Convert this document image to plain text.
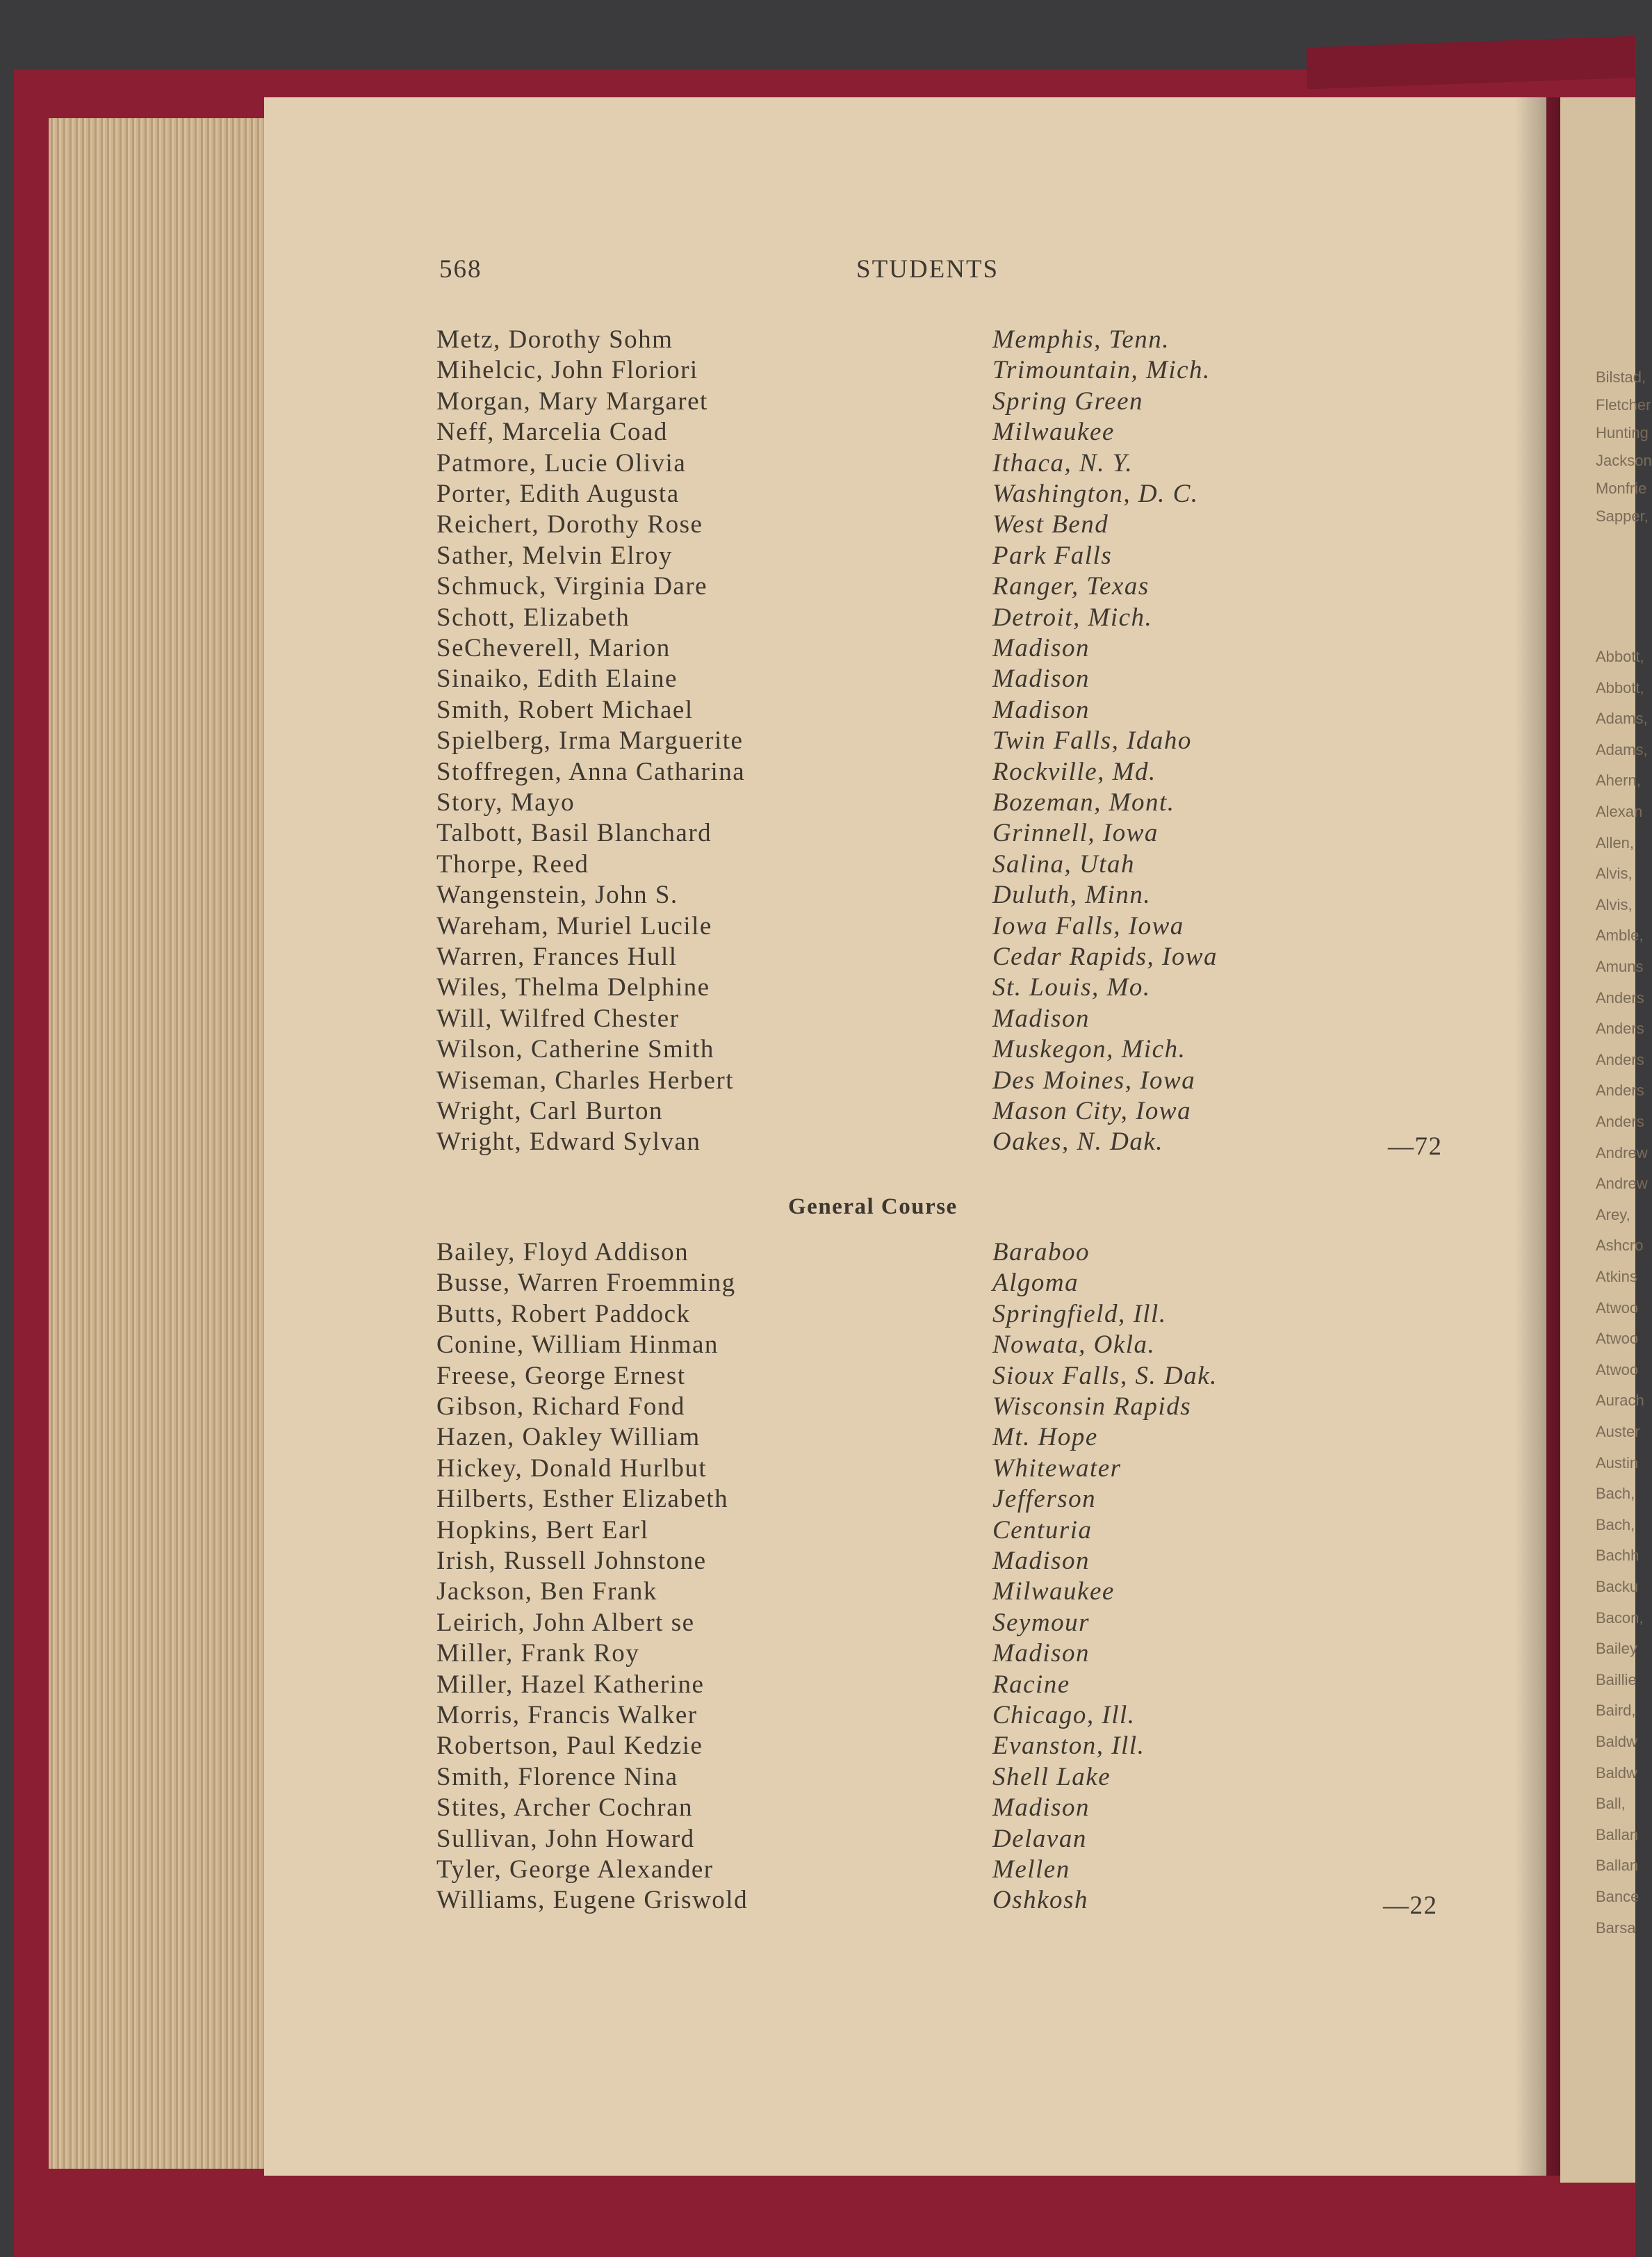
Bilstad,
Fletcher
Hunting
Jackson
Monfrie
Sapper,
Abbott,
Abbott,
Adams,
Adams,
Ahern,
Alexan
Allen,
Alvis,
Alvis,
Amble,
Amuns
Anders
Anders
Anders
Anders
Anders
Andrew
Andrew
Arey,
Ashcro
Atkins
Atwoo
Atwoo
Atwoo
Aurach
Auster
Austin
Bach,
Bach,
Bachh
Backu
Bacon,
Bailey
Baillie
Baird,
Baldw
Baldw
Ball,
Ballan
Ballan
Bance
Barsa
568	STUDENTS
Metz, Dorothy Sohm	Memphis, Tenn.
Mihelcic, John Floriori	Trimountain, Mich.
Morgan, Mary Margaret	Spring Green
Neff, Marcelia Coad	Milwaukee
Patmore, Lucie Olivia	Ithaca, N. Y.
Porter, Edith Augusta	Washington, D. C.
Reichert, Dorothy Rose	West Bend
Sather, Melvin Elroy	Park Falls
Schmuck, Virginia Dare	Ranger, Texas
Schott, Elizabeth	Detroit, Mich.
SeCheverell, Marion	Madison
Sinaiko, Edith Elaine	Madison
Smith, Robert Michael	Madison
Spielberg, Irma Marguerite	Twin Falls, Idaho
Stoffregen, Anna Catharina	Rockville, Md.
Story, Mayo	Bozeman, Mont.
Talbott, Basil Blanchard	Grinnell, Iowa
Thorpe, Reed	Salina, Utah
Wangenstein, John S.	Duluth, Minn.
Wareham, Muriel Lucile	Iowa Falls, Iowa
Warren, Frances Hull	Cedar Rapids, Iowa
Wiles, Thelma Delphine	St. Louis, Mo.
Will, Wilfred Chester	Madison
Wilson, Catherine Smith	Muskegon, Mich.
Wiseman, Charles Herbert	Des Moines, Iowa
Wright, Carl Burton	Mason City, Iowa
Wright, Edward Sylvan	Oakes, N. Dak.	—72
General Course
Bailey, Floyd Addison	Baraboo
Busse, Warren Froemming	Algoma
Butts, Robert Paddock	Springfield, Ill.
Conine, William Hinman	Nowata, Okla.
Freese, George Ernest	Sioux Falls, S. Dak.
Gibson, Richard Fond	Wisconsin Rapids
Hazen, Oakley William	Mt. Hope
Hickey, Donald Hurlbut	Whitewater
Hilberts, Esther Elizabeth	Jefferson
Hopkins, Bert Earl	Centuria
Irish, Russell Johnstone	Madison
Jackson, Ben Frank	Milwaukee
Leirich, John Albert se	Seymour
Miller, Frank Roy	Madison
Miller, Hazel Katherine	Racine
Morris, Francis Walker	Chicago, Ill.
Robertson, Paul Kedzie	Evanston, Ill.
Smith, Florence Nina	Shell Lake
Stites, Archer Cochran	Madison
Sullivan, John Howard	Delavan
Tyler, George Alexander	Mellen
Williams, Eugene Griswold	Oshkosh	—22
